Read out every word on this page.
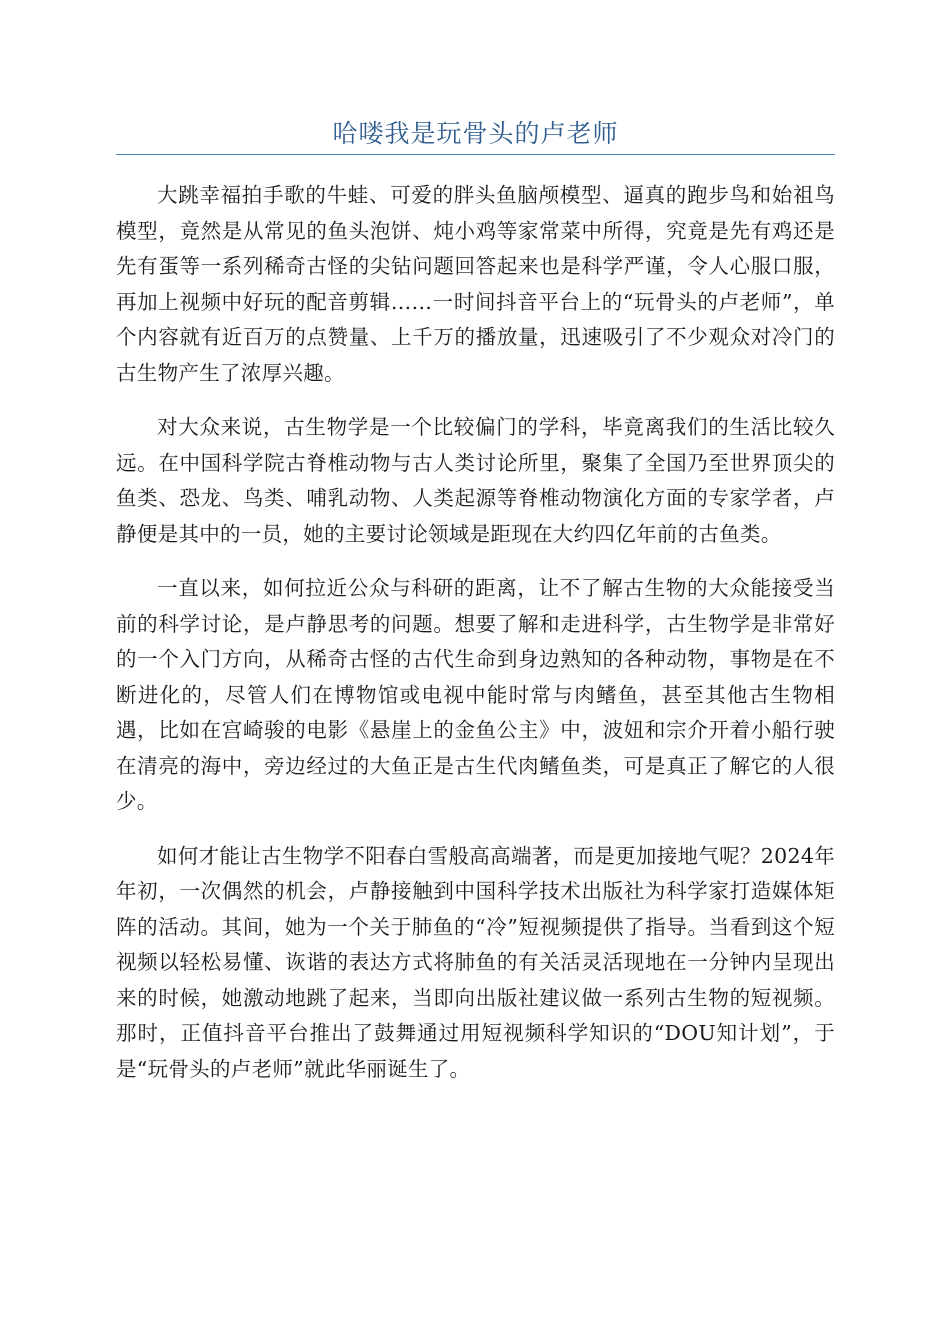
哈喽我是玩骨头的卢老师

大跳幸福拍手歌的牛蛙、可爱的胖头鱼脑颅模型、逼真的跑步鸟和始祖鸟模型，竟然是从常见的鱼头泡饼、炖小鸡等家常菜中所得，究竟是先有鸡还是先有蛋等一系列稀奇古怪的尖钻问题回答起来也是科学严谨，令人心服口服，再加上视频中好玩的配音剪辑……一时间抖音平台上的“玩骨头的卢老师”，单个内容就有近百万的点赞量、上千万的播放量，迅速吸引了不少观众对冷门的古生物产生了浓厚兴趣。

对大众来说，古生物学是一个比较偏门的学科，毕竟离我们的生活比较久远。在中国科学院古脊椎动物与古人类讨论所里，聚集了全国乃至世界顶尖的鱼类、恐龙、鸟类、哺乳动物、人类起源等脊椎动物演化方面的专家学者，卢静便是其中的一员，她的主要讨论领域是距现在大约四亿年前的古鱼类。

一直以来，如何拉近公众与科研的距离，让不了解古生物的大众能接受当前的科学讨论，是卢静思考的问题。想要了解和走进科学，古生物学是非常好的一个入门方向，从稀奇古怪的古代生命到身边熟知的各种动物，事物是在不断进化的，尽管人们在博物馆或电视中能时常与肉鳍鱼，甚至其他古生物相遇，比如在宫崎骏的电影《悬崖上的金鱼公主》中，波妞和宗介开着小船行驶在清亮的海中，旁边经过的大鱼正是古生代肉鳍鱼类，可是真正了解它的人很少。

如何才能让古生物学不阳春白雪般高高端著，而是更加接地气呢？2024年年初，一次偶然的机会，卢静接触到中国科学技术出版社为科学家打造媒体矩阵的活动。其间，她为一个关于肺鱼的“冷”短视频提供了指导。当看到这个短视频以轻松易懂、诙谐的表达方式将肺鱼的有关活灵活现地在一分钟内呈现出来的时候，她激动地跳了起来，当即向出版社建议做一系列古生物的短视频。那时，正值抖音平台推出了鼓舞通过用短视频科学知识的“DOU知计划”，于是“玩骨头的卢老师”就此华丽诞生了。
